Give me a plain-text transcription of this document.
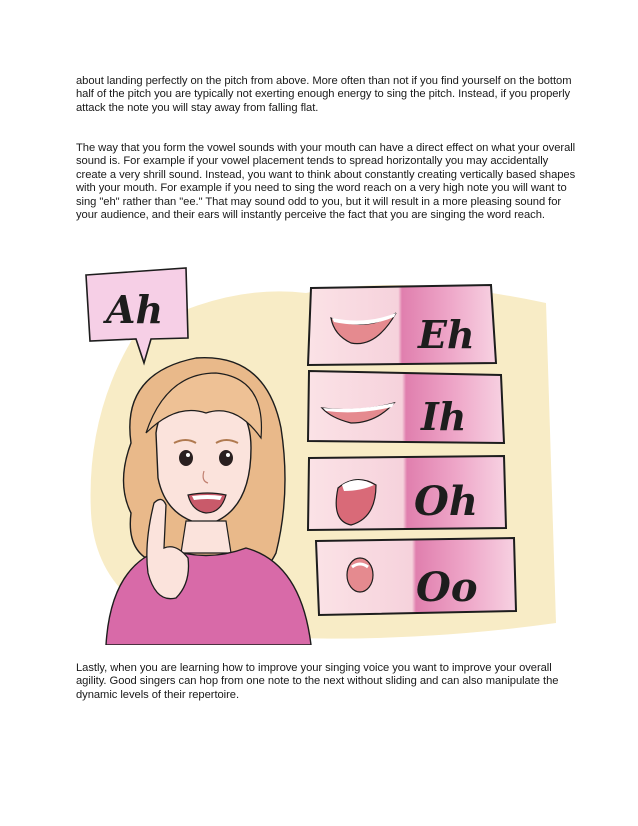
about landing perfectly on the pitch from above. More often than not if you find yourself on the bottom half of the pitch you are typically not exerting enough energy to sing the pitch. Instead, if you properly attack the note you will stay away from falling flat.

The way that you form the vowel sounds with your mouth can have a direct effect on what your overall sound is. For example if your vowel placement tends to spread horizontally you may accidentally create a very shrill sound. Instead, you want to think about constantly creating vertically based shapes with your mouth. For example if you need to sing the word reach on a very high note you will want to sing "eh" rather than "ee." That may sound odd to you, but it will result in a more pleasing sound for your audience, and their ears will instantly perceive the fact that you are singing the word reach.

Ah
Eh
Ih
Oh
Oo

Lastly, when you are learning how to improve your singing voice you want to improve your overall agility. Good singers can hop from one note to the next without sliding and can also manipulate the dynamic levels of their repertoire.
